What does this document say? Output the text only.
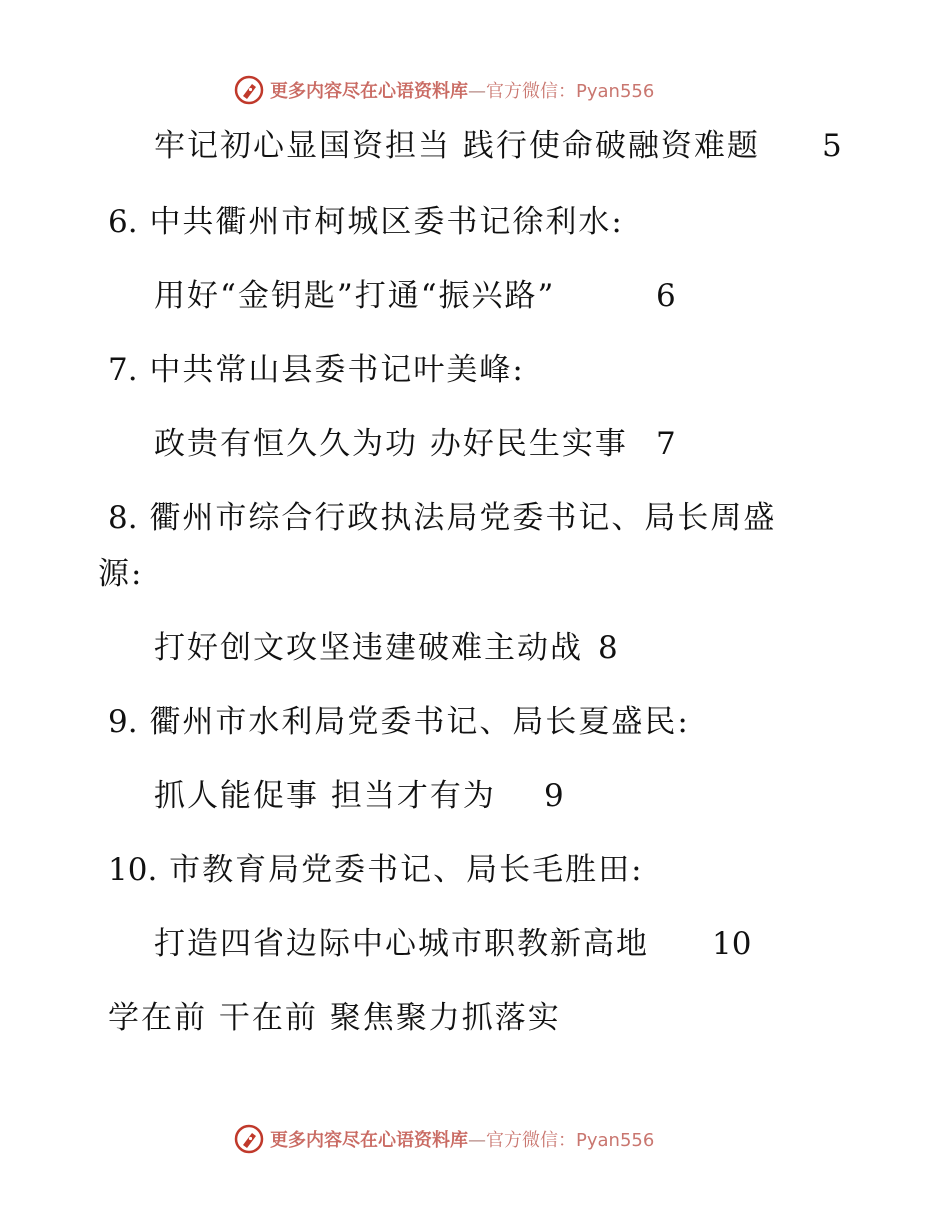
更多内容尽在心语资料库—官方微信：Pyan556
牢记初心显国资担当 践行使命破融资难题 5
6. 中共衢州市柯城区委书记徐利水:
用好“金钥匙”打通“振兴路”	6
7. 中共常山县委书记叶美峰:
政贵有恒久久为功 办好民生实事 7
8. 衢州市综合行政执法局党委书记、局长周盛
源:
打好创文攻坚违建破难主动战 8
9. 衢州市水利局党委书记、局长夏盛民:
抓人能促事 担当才有为 9
10. 市教育局党委书记、局长毛胜田:
打造四省边际中心城市职教新高地 10
学在前 干在前 聚焦聚力抓落实
更多内容尽在心语资料库—官方微信：Pyan556
